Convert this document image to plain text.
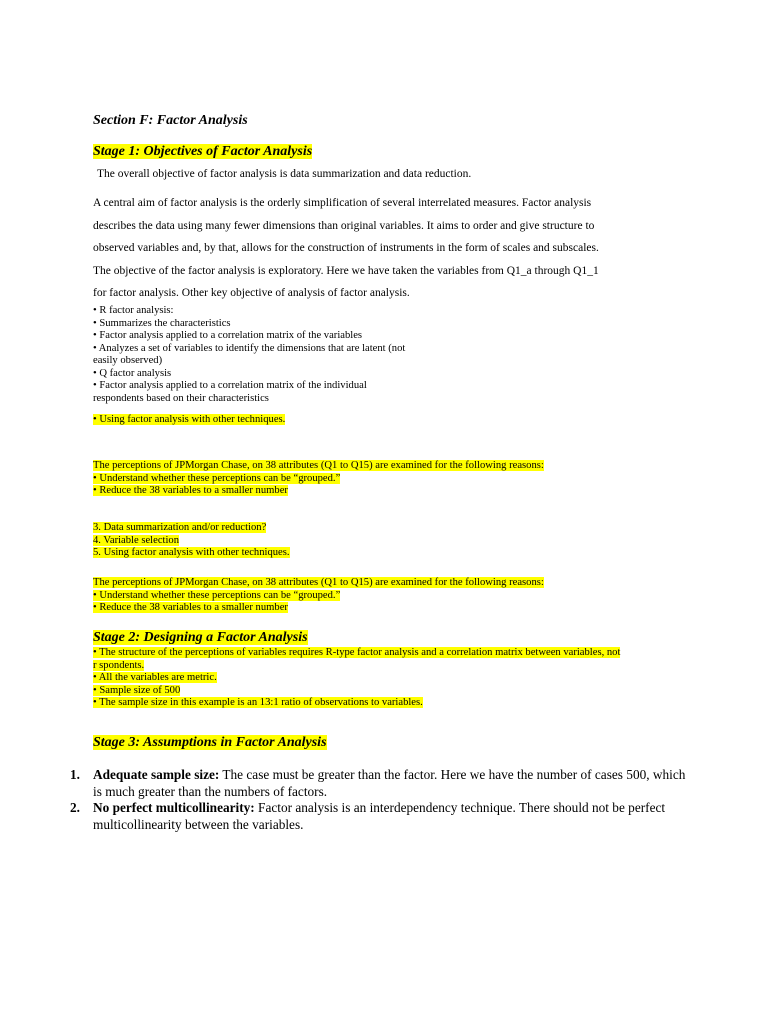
Section F: Factor Analysis
Stage 1: Objectives of Factor Analysis
The overall objective of factor analysis is data summarization and data reduction.
A central aim of factor analysis is the orderly simplification of several interrelated measures. Factor analysis
describes the data using many fewer dimensions than original variables. It aims to order and give structure to
observed variables and, by that, allows for the construction of instruments in the form of scales and subscales.
The objective of the factor analysis is exploratory. Here we have taken the variables from Q1_a through Q1_1
for factor analysis. Other key objective of analysis of factor analysis.
• R factor analysis:
• Summarizes the characteristics
• Factor analysis applied to a correlation matrix of the variables
• Analyzes a set of variables to identify the dimensions that are latent (not
easily observed)
• Q factor analysis
• Factor analysis applied to a correlation matrix of the individual
respondents based on their characteristics
• Using factor analysis with other techniques.
The perceptions of JPMorgan Chase, on 38 attributes (Q1 to Q15) are examined for the following reasons:
• Understand whether these perceptions can be “grouped.”
• Reduce the 38 variables to a smaller number
3. Data summarization and/or reduction?
4. Variable selection
5. Using factor analysis with other techniques.
The perceptions of JPMorgan Chase, on 38 attributes (Q1 to Q15) are examined for the following reasons:
• Understand whether these perceptions can be “grouped.”
• Reduce the 38 variables to a smaller number
Stage 2: Designing a Factor Analysis
• The structure of the perceptions of variables requires R-type factor analysis and a correlation matrix between variables, not
r spondents.
• All the variables are metric.
• Sample size of 500
• The sample size in this example is an 13:1 ratio of observations to variables.
Stage 3: Assumptions in Factor Analysis
1. Adequate sample size: The case must be greater than the factor. Here we have the number of cases 500, which is much greater than the numbers of factors.
2. No perfect multicollinearity: Factor analysis is an interdependency technique. There should not be perfect multicollinearity between the variables.
